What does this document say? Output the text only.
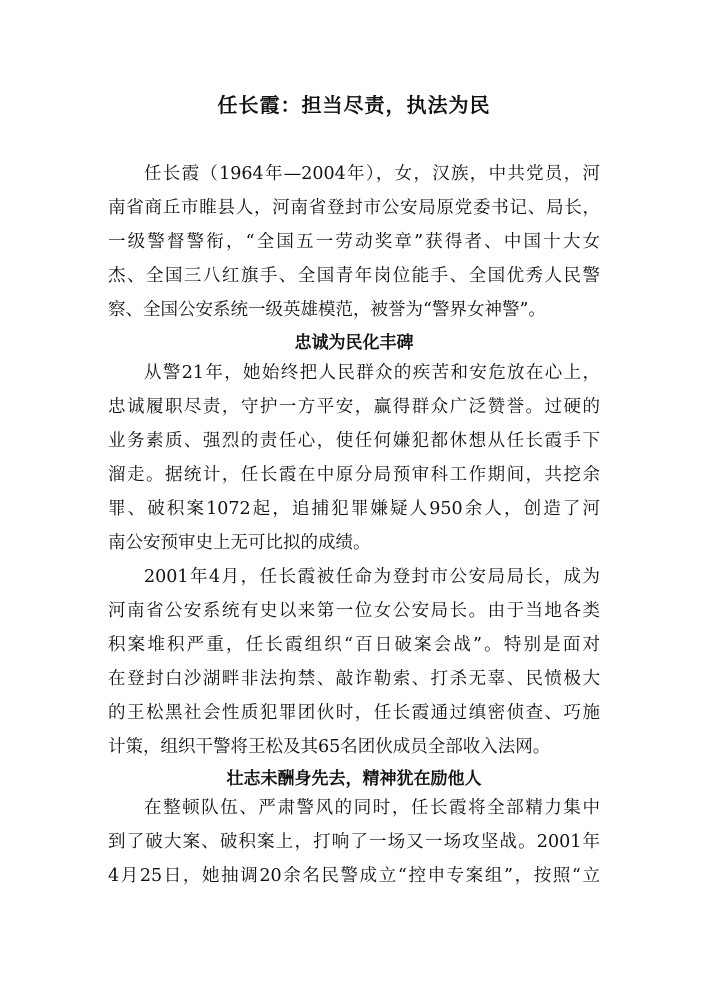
任长霞：担当尽责，执法为民
任长霞（1964年—2004年），女，汉族，中共党员，河
南省商丘市睢县人，河南省登封市公安局原党委书记、局长，
一级警督警衔，“全国五一劳动奖章”获得者、中国十大女
杰、全国三八红旗手、全国青年岗位能手、全国优秀人民警
察、全国公安系统一级英雄模范，被誉为“警界女神警”。
忠诚为民化丰碑
从警21年，她始终把人民群众的疾苦和安危放在心上，
忠诚履职尽责，守护一方平安，赢得群众广泛赞誉。过硬的
业务素质、强烈的责任心，使任何嫌犯都休想从任长霞手下
溜走。据统计，任长霞在中原分局预审科工作期间，共挖余
罪、破积案1072起，追捕犯罪嫌疑人950余人，创造了河
南公安预审史上无可比拟的成绩。
2001年4月，任长霞被任命为登封市公安局局长，成为
河南省公安系统有史以来第一位女公安局长。由于当地各类
积案堆积严重，任长霞组织“百日破案会战”。特别是面对
在登封白沙湖畔非法拘禁、敲诈勒索、打杀无辜、民愤极大
的王松黑社会性质犯罪团伙时，任长霞通过缜密侦查、巧施
计策，组织干警将王松及其65名团伙成员全部收入法网。
壮志未酬身先去，精神犹在励他人
在整顿队伍、严肃警风的同时，任长霞将全部精力集中
到了破大案、破积案上，打响了一场又一场攻坚战。2001年
4月25日，她抽调20余名民警成立“控申专案组”，按照“立
